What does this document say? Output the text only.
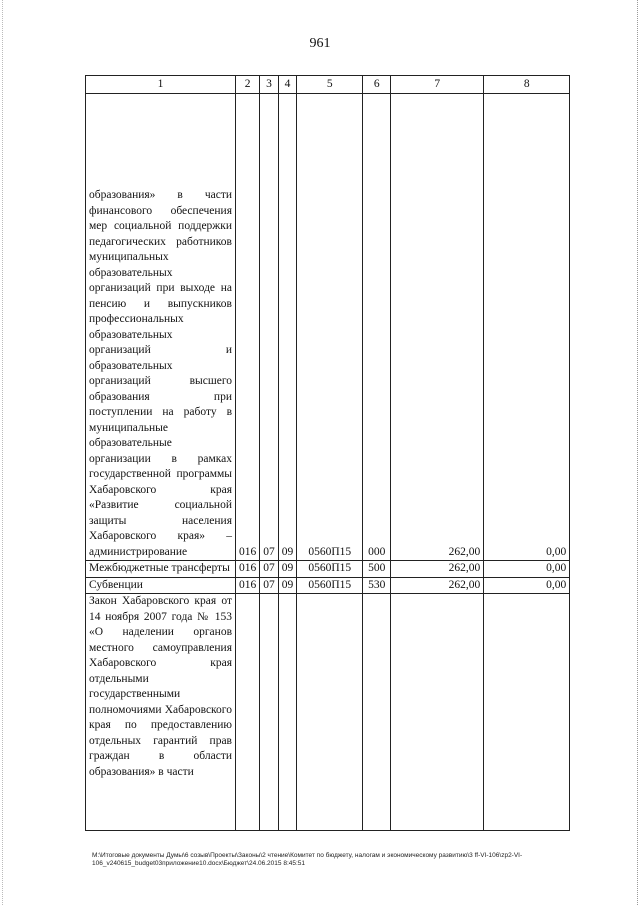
961
1	2	3	4	5	6	7	8
образования» в части финансового обеспечения мер социальной поддержки педагогических работников муниципальных образовательных организаций при выходе на пенсию и выпускников профессиональных образовательных организаций и образовательных организаций высшего образования при поступлении на работу в муниципальные образовательные организации в рамках государственной программы Хабаровского края «Развитие социальной защиты населения Хабаровского края» – администрирование	016	07	09	0560П15	000	262,00	0,00
Межбюджетные трансферты	016	07	09	0560П15	500	262,00	0,00
Субвенции	016	07	09	0560П15	530	262,00	0,00
Закон Хабаровского края от 14 ноября 2007 года № 153 «О наделении органов местного самоуправления Хабаровского края отдельными государственными полномочиями Хабаровского края по предоставлению отдельных гарантий прав граждан в области образования» в части							
M:\Итоговые документы Думы\6 созыв\Проекты\Законы\2 чтение\Комитет по бюджету, налогам и экономическому развитию\3 ff-VI-106\zp2-VI-106_v240615_budget03приложение10.docx\Бюджет\24.06.2015 8:45:51
